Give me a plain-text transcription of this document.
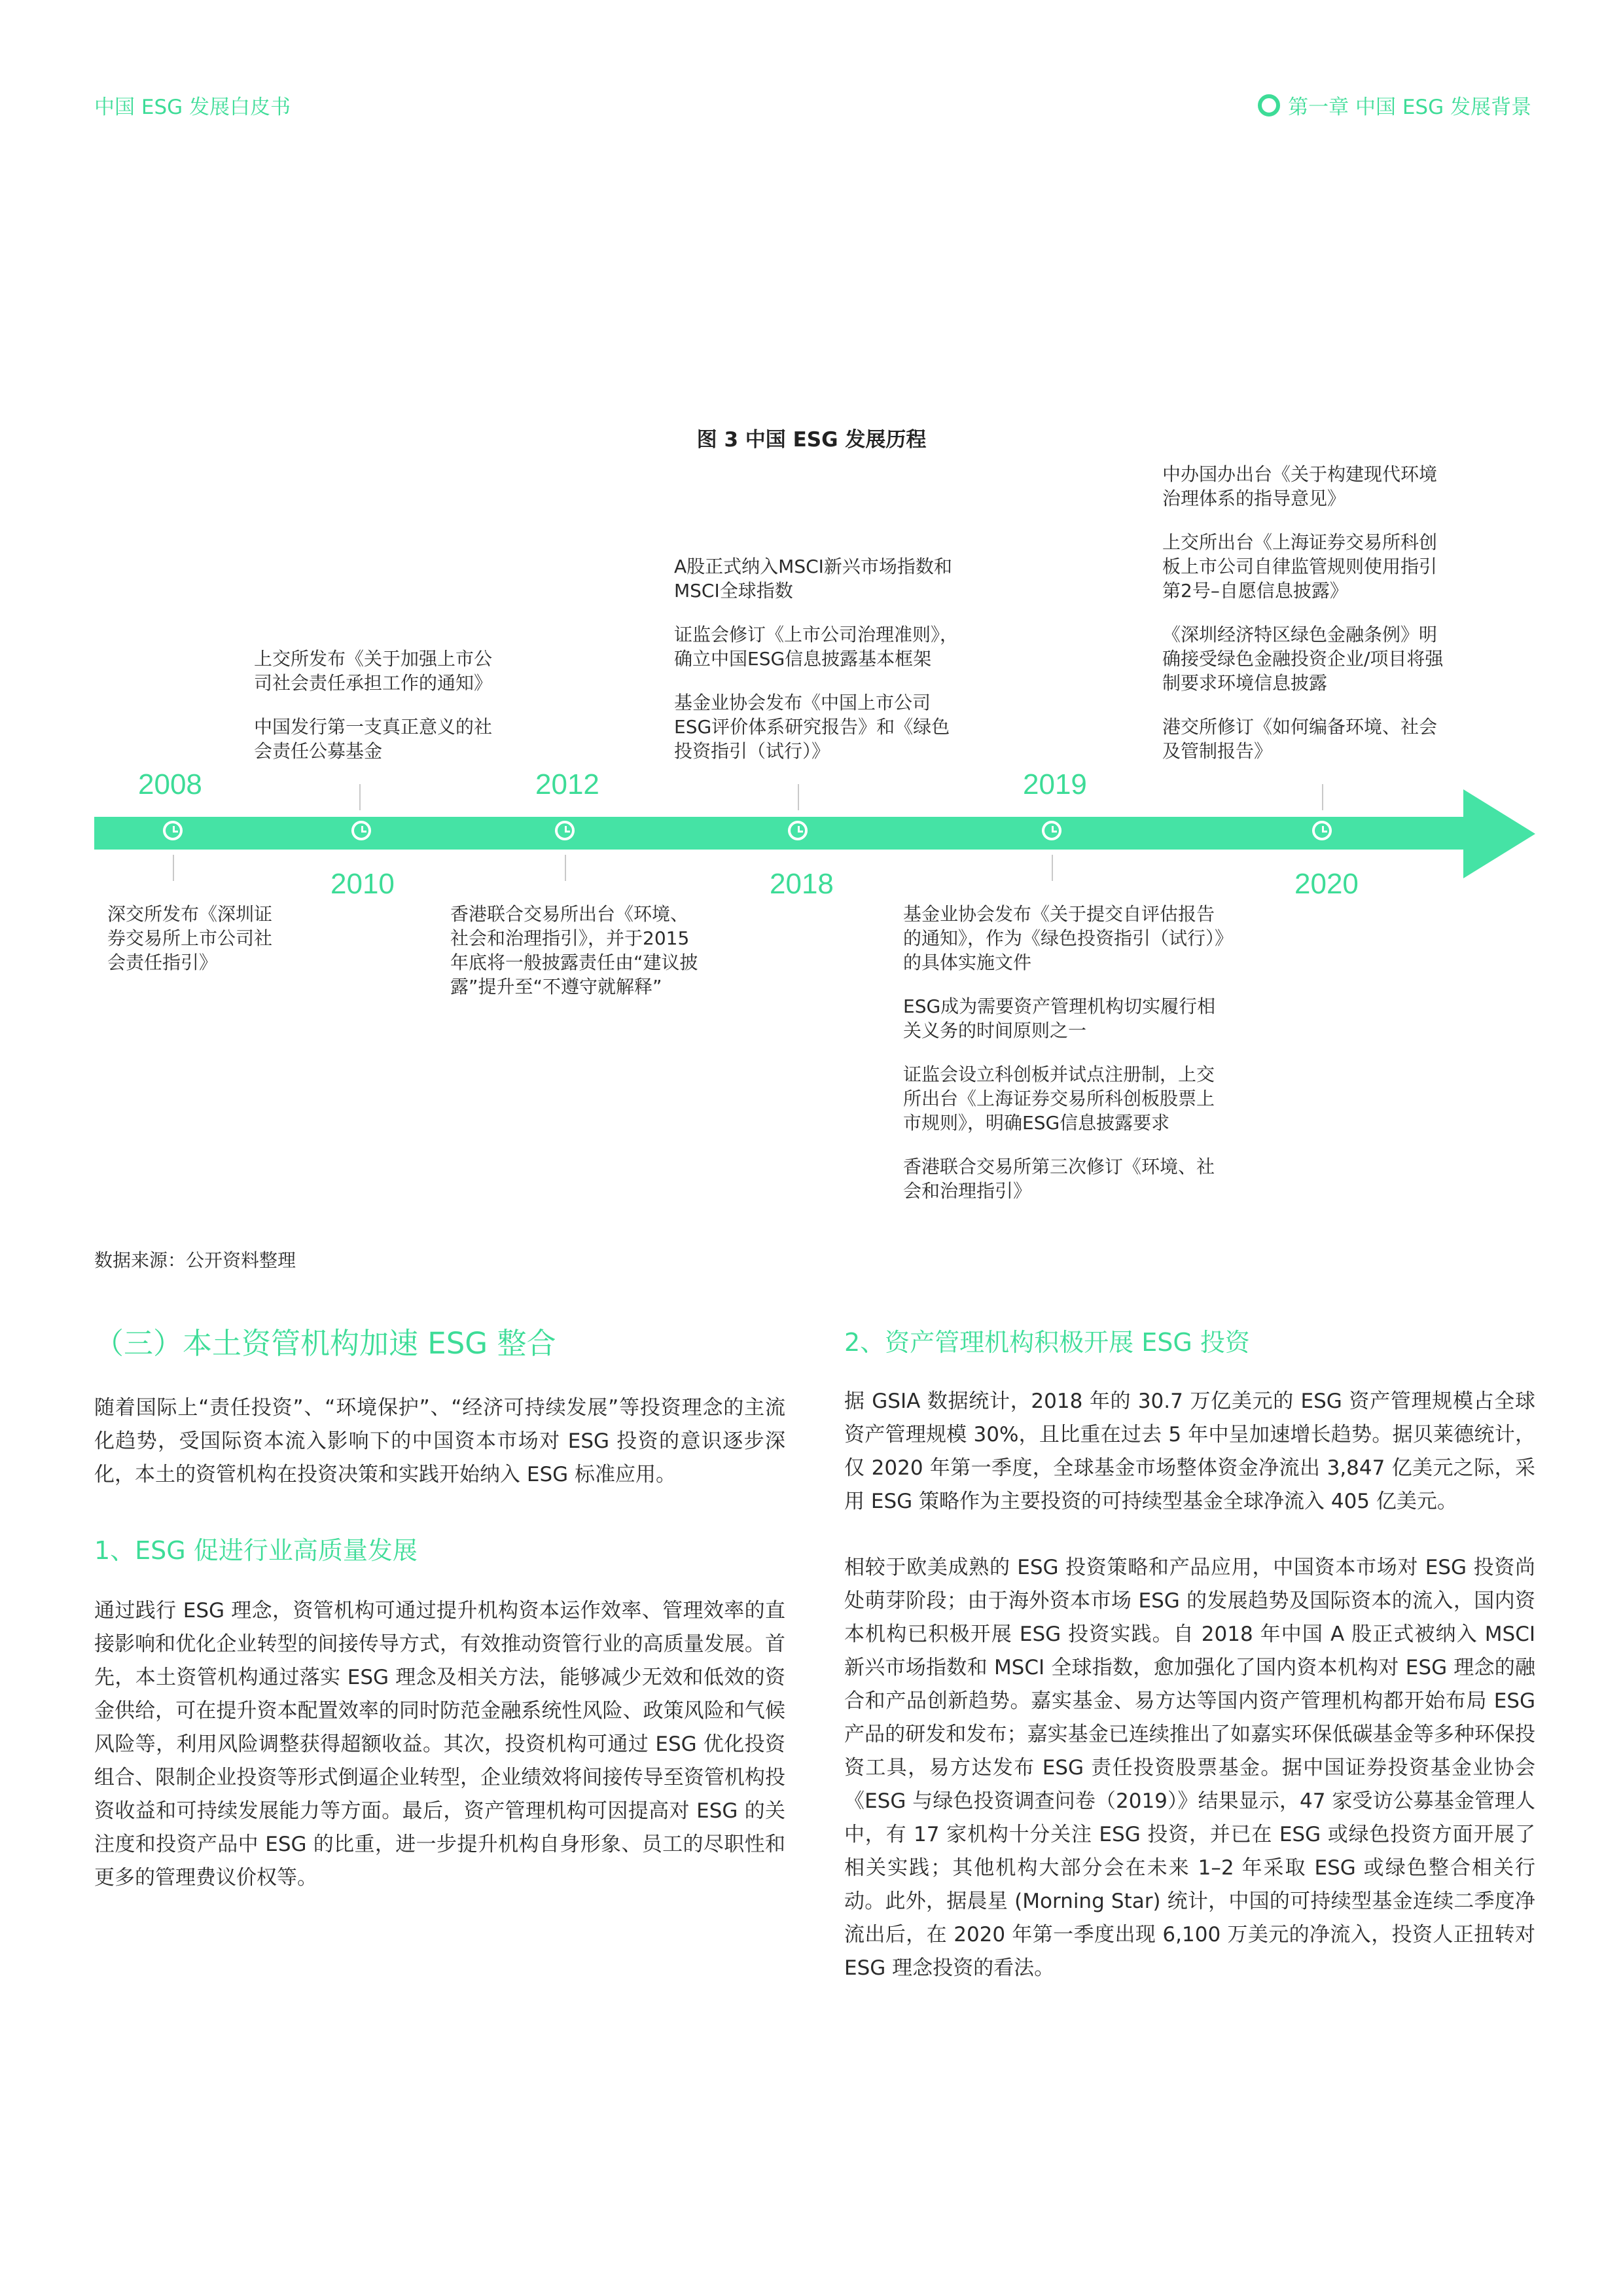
中国 ESG 发展白皮书	第一章 中国 ESG 发展背景
图 3 中国 ESG 发展历程
2008
2010
2012
2018
2019
2020

上交所发布《关于加强上市公司社会责任承担工作的通知》

中国发行第一支真正意义的社会责任公募基金

A股正式纳入MSCI新兴市场指数和MSCI全球指数

证监会修订《上市公司治理准则》，确立中国ESG信息披露基本框架

基金业协会发布《中国上市公司ESG评价体系研究报告》和《绿色投资指引（试行）》

中办国办出台《关于构建现代环境治理体系的指导意见》

上交所出台《上海证券交易所科创板上市公司自律监管规则使用指引第2号–自愿信息披露》

《深圳经济特区绿色金融条例》明确接受绿色金融投资企业/项目将强制要求环境信息披露

港交所修订《如何编备环境、社会及管制报告》

深交所发布《深圳证券交易所上市公司社会责任指引》

香港联合交易所出台《环境、社会和治理指引》，并于2015年底将一般披露责任由“建议披露”提升至“不遵守就解释”

基金业协会发布《关于提交自评估报告的通知》，作为《绿色投资指引（试行）》的具体实施文件

ESG成为需要资产管理机构切实履行相关义务的时间原则之一

证监会设立科创板并试点注册制，上交所出台《上海证券交易所科创板股票上市规则》，明确ESG信息披露要求

香港联合交易所第三次修订《环境、社会和治理指引》

数据来源：公开资料整理
（三）本土资管机构加速 ESG 整合

随着国际上“责任投资”、“环境保护”、“经济可持续发展”等投资理念的主流化趋势，受国际资本流入影响下的中国资本市场对 ESG 投资的意识逐步深化，本土的资管机构在投资决策和实践开始纳入 ESG 标准应用。

1、ESG 促进行业高质量发展

通过践行 ESG 理念，资管机构可通过提升机构资本运作效率、管理效率的直接影响和优化企业转型的间接传导方式，有效推动资管行业的高质量发展。首先，本土资管机构通过落实 ESG 理念及相关方法，能够减少无效和低效的资金供给，可在提升资本配置效率的同时防范金融系统性风险、政策风险和气候风险等，利用风险调整获得超额收益。其次，投资机构可通过 ESG 优化投资组合、限制企业投资等形式倒逼企业转型，企业绩效将间接传导至资管机构投资收益和可持续发展能力等方面。最后，资产管理机构可因提高对 ESG 的关注度和投资产品中 ESG 的比重，进一步提升机构自身形象、员工的尽职性和更多的管理费议价权等。

2、资产管理机构积极开展 ESG 投资

据 GSIA 数据统计，2018 年的 30.7 万亿美元的 ESG 资产管理规模占全球资产管理规模 30%，且比重在过去 5 年中呈加速增长趋势。据贝莱德统计，仅 2020 年第一季度，全球基金市场整体资金净流出 3,847 亿美元之际，采用 ESG 策略作为主要投资的可持续型基金全球净流入 405 亿美元。

相较于欧美成熟的 ESG 投资策略和产品应用，中国资本市场对 ESG 投资尚处萌芽阶段；由于海外资本市场 ESG 的发展趋势及国际资本的流入，国内资本机构已积极开展 ESG 投资实践。自 2018 年中国 A 股正式被纳入 MSCI 新兴市场指数和 MSCI 全球指数，愈加强化了国内资本机构对 ESG 理念的融合和产品创新趋势。嘉实基金、易方达等国内资产管理机构都开始布局 ESG 产品的研发和发布；嘉实基金已连续推出了如嘉实环保低碳基金等多种环保投资工具，易方达发布 ESG 责任投资股票基金。据中国证券投资基金业协会《ESG 与绿色投资调查问卷（2019）》结果显示，47 家受访公募基金管理人中，有 17 家机构十分关注 ESG 投资，并已在 ESG 或绿色投资方面开展了相关实践；其他机构大部分会在未来 1–2 年采取 ESG 或绿色整合相关行动。此外，据晨星 (Morning Star) 统计，中国的可持续型基金连续二季度净流出后，在 2020 年第一季度出现 6,100 万美元的净流入，投资人正扭转对 ESG 理念投资的看法。
